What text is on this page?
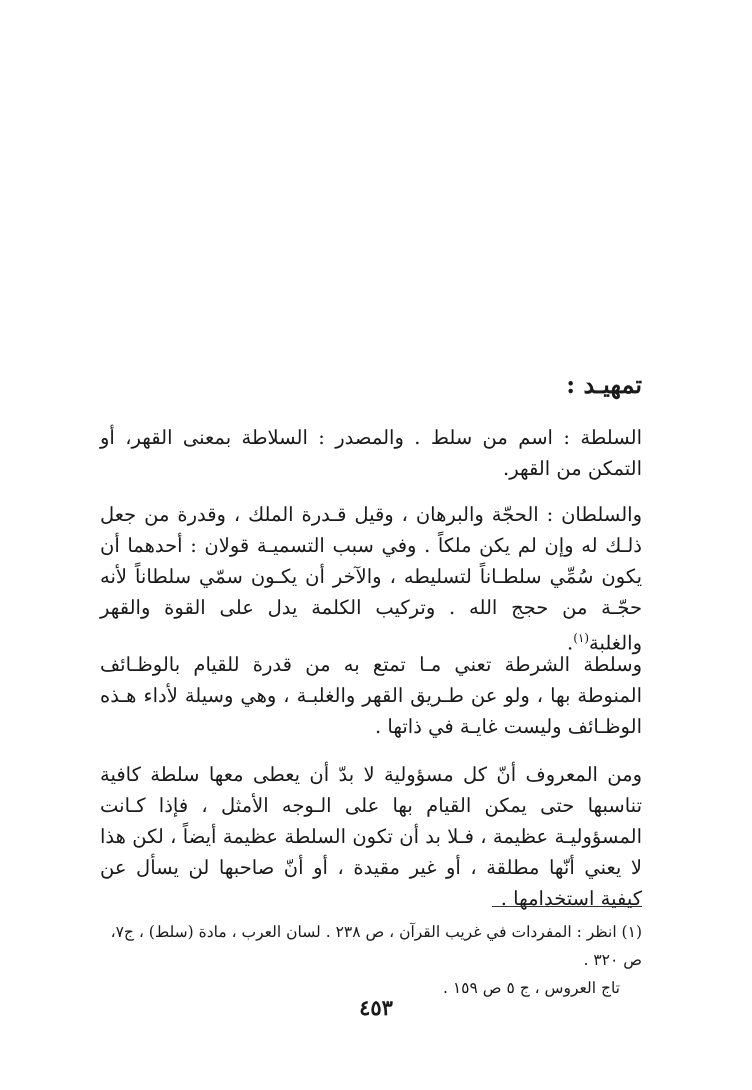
تمهيـد :

السلطة : اسم من سلط . والمصدر : السلاطة بمعنى القهر، أو التمكن من القهر.

والسلطان : الحجّة والبرهان ، وقيل قـدرة الملك ، وقدرة من جعل ذلـك له وإن لم يكن ملكاً . وفي سبب التسميـة قولان : أحدهما أن يكون سُمِّي سلطـاناً لتسليطه ، والآخر أن يكـون سمّي سلطاناً لأنه حجّـة من حجج الله . وتركيب الكلمة يدل على القوة والقهر والغلبة$^{(١)}$.

وسلطة الشرطة تعني مـا تمتع به من قدرة للقيام بالوظـائف المنوطة بها ، ولو عن طـريق القهر والغلبـة ، وهي وسيلة لأداء هـذه الوظـائف وليست غايـة في ذاتها .

ومن المعروف أنّ كل مسؤولية لا بدّ أن يعطى معها سلطة كافية تناسبها حتى يمكن القيام بها على الـوجه الأمثل ، فإذا كـانت المسؤوليـة عظيمة ، فـلا بد أن تكون السلطة عظيمة أيضاً ، لكن هذا لا يعني أنّها مطلقة ، أو غير مقيدة ، أو أنّ صاحبها لن يسأل عن كيفية استخدامها .

(١) انظر : المفردات في غريب القرآن ، ص ٢٣٨ . لسان العرب ، مادة (سلط) ، ج٧، ص ٣٢٠ .

تاج العروس ، ج ٥ ص ١٥٩ .

٤٥٣
